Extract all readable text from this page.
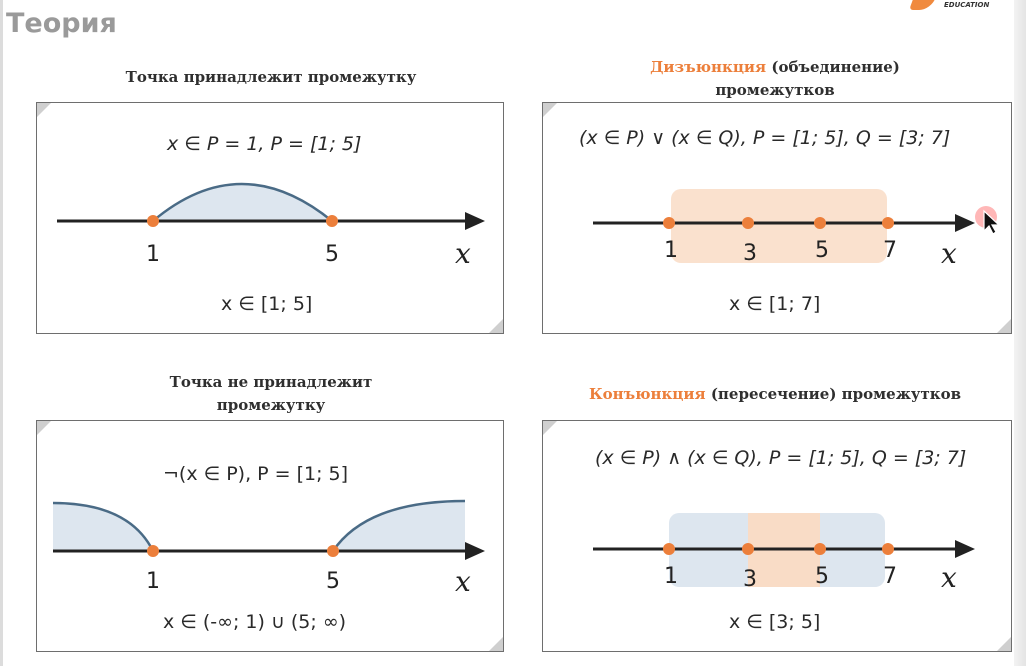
Теория
EDUCATION
Точка принадлежит промежутку
Дизъюнкция (объединение)
промежутков
Точка не принадлежит
промежутку
Конъюнкция (пересечение) промежутков
x ∈ P = 1, P = [1; 5]
1	5	x
x ∈ [1; 5]
(x ∈ P) ∨ (x ∈ Q), P = [1; 5], Q = [3; 7]
1	3	5 7 x
x ∈ [1; 7]
¬(x ∈ P), P = [1; 5]
1	5	x
x ∈ (-∞; 1) ∪ (5; ∞)
(x ∈ P) ∧ (x ∈ Q), P = [1; 5], Q = [3; 7]
1	3	5 7 x
x ∈ [3; 5]
